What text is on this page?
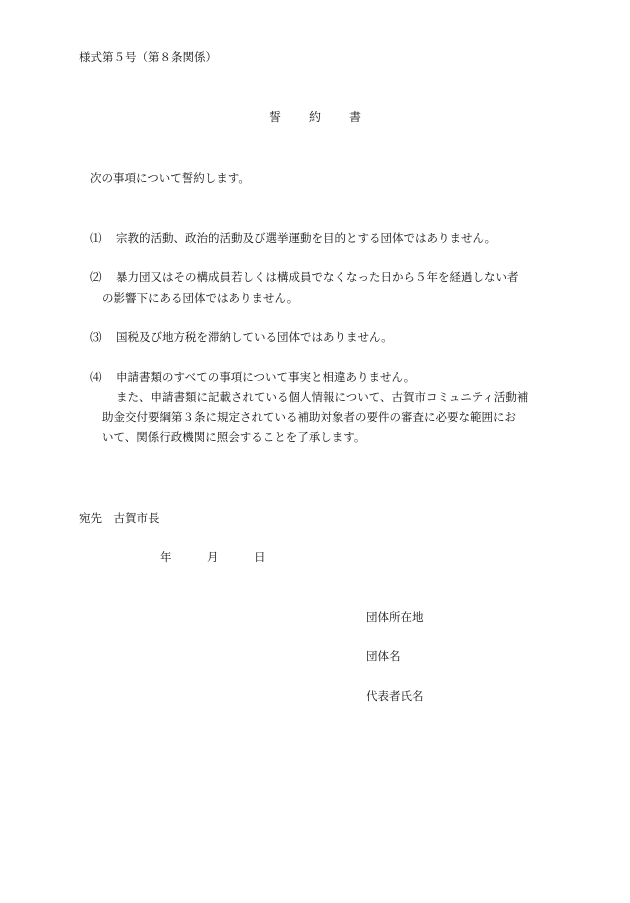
様式第５号（第８条関係）
誓　約　書
次の事項について誓約します。
⑴ 宗教的活動、政治的活動及び選挙運動を目的とする団体ではありません。
⑵ 暴力団又はその構成員若しくは構成員でなくなった日から５年を経過しない者
の影響下にある団体ではありません。
⑶ 国税及び地方税を滞納している団体ではありません。
⑷ 申請書類のすべての事項について事実と相違ありません。
また、申請書類に記載されている個人情報について、古賀市コミュニティ活動補
助金交付要綱第３条に規定されている補助対象者の要件の審査に必要な範囲にお
いて、関係行政機関に照会することを了承します。
宛先　古賀市長
年	月	日
団体所在地
団体名
代表者氏名
